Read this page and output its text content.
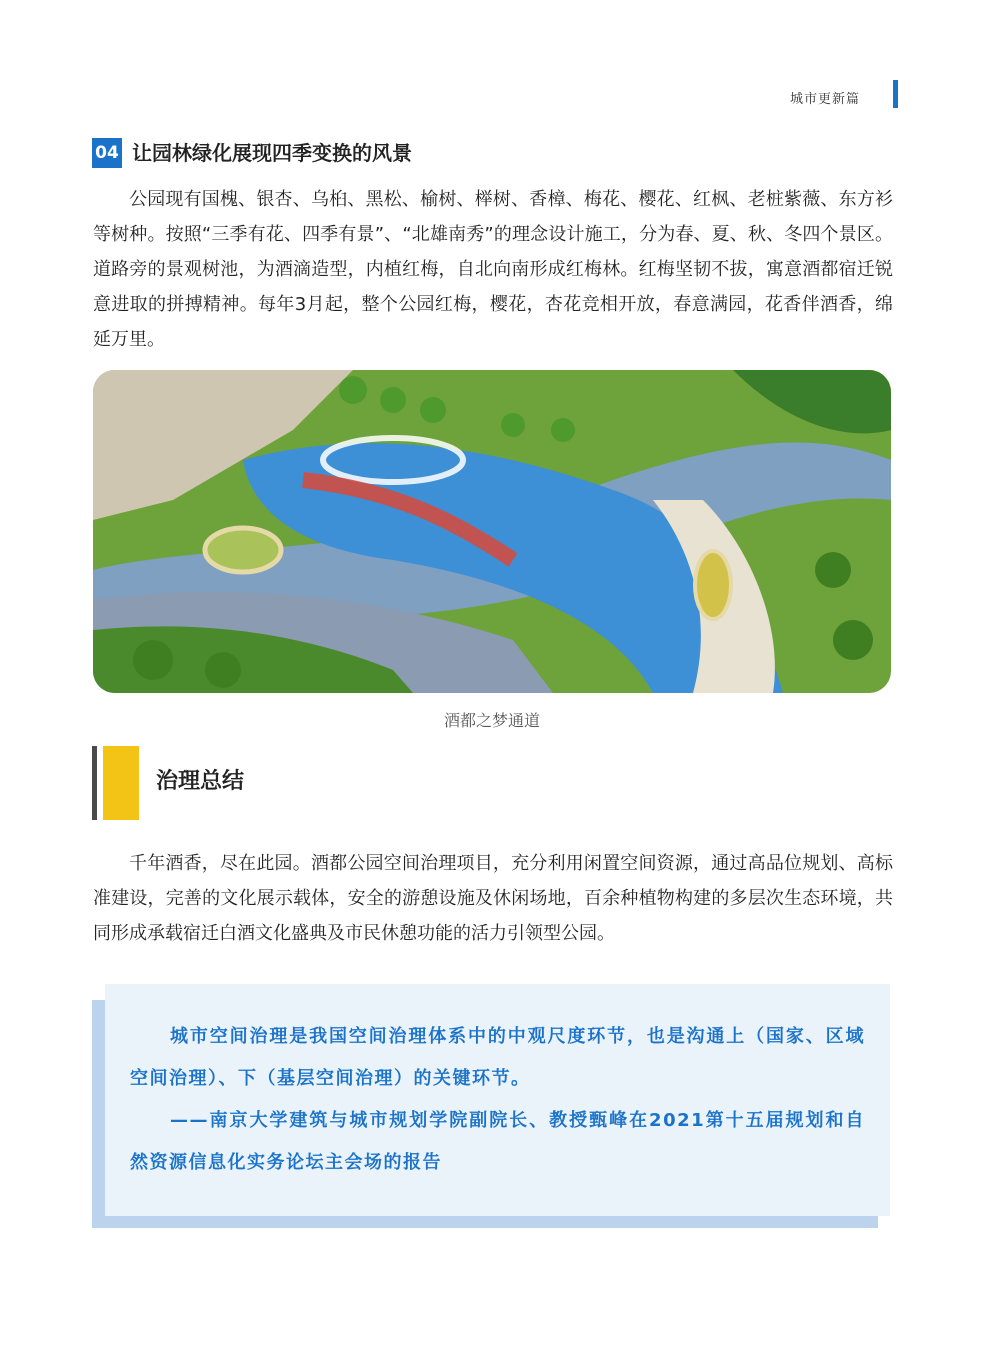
城市更新篇
04 让园林绿化展现四季变换的风景

公园现有国槐、银杏、乌桕、黑松、榆树、榉树、香樟、梅花、樱花、红枫、老桩紫薇、东方衫等树种。按照“三季有花、四季有景”、“北雄南秀”的理念设计施工，分为春、夏、秋、冬四个景区。道路旁的景观树池，为酒滴造型，内植红梅，自北向南形成红梅林。红梅坚韧不拔，寓意酒都宿迁锐意进取的拼搏精神。每年3月起，整个公园红梅，樱花，杏花竞相开放，春意满园，花香伴酒香，绵延万里。

酒都之梦通道
治理总结

千年酒香，尽在此园。酒都公园空间治理项目，充分利用闲置空间资源，通过高品位规划、高标准建设，完善的文化展示载体，安全的游憩设施及休闲场地，百余种植物构建的多层次生态环境，共同形成承载宿迁白酒文化盛典及市民休憩功能的活力引领型公园。

城市空间治理是我国空间治理体系中的中观尺度环节，也是沟通上（国家、区域空间治理）、下（基层空间治理）的关键环节。

——南京大学建筑与城市规划学院副院长、教授甄峰在2021第十五届规划和自然资源信息化实务论坛主会场的报告
